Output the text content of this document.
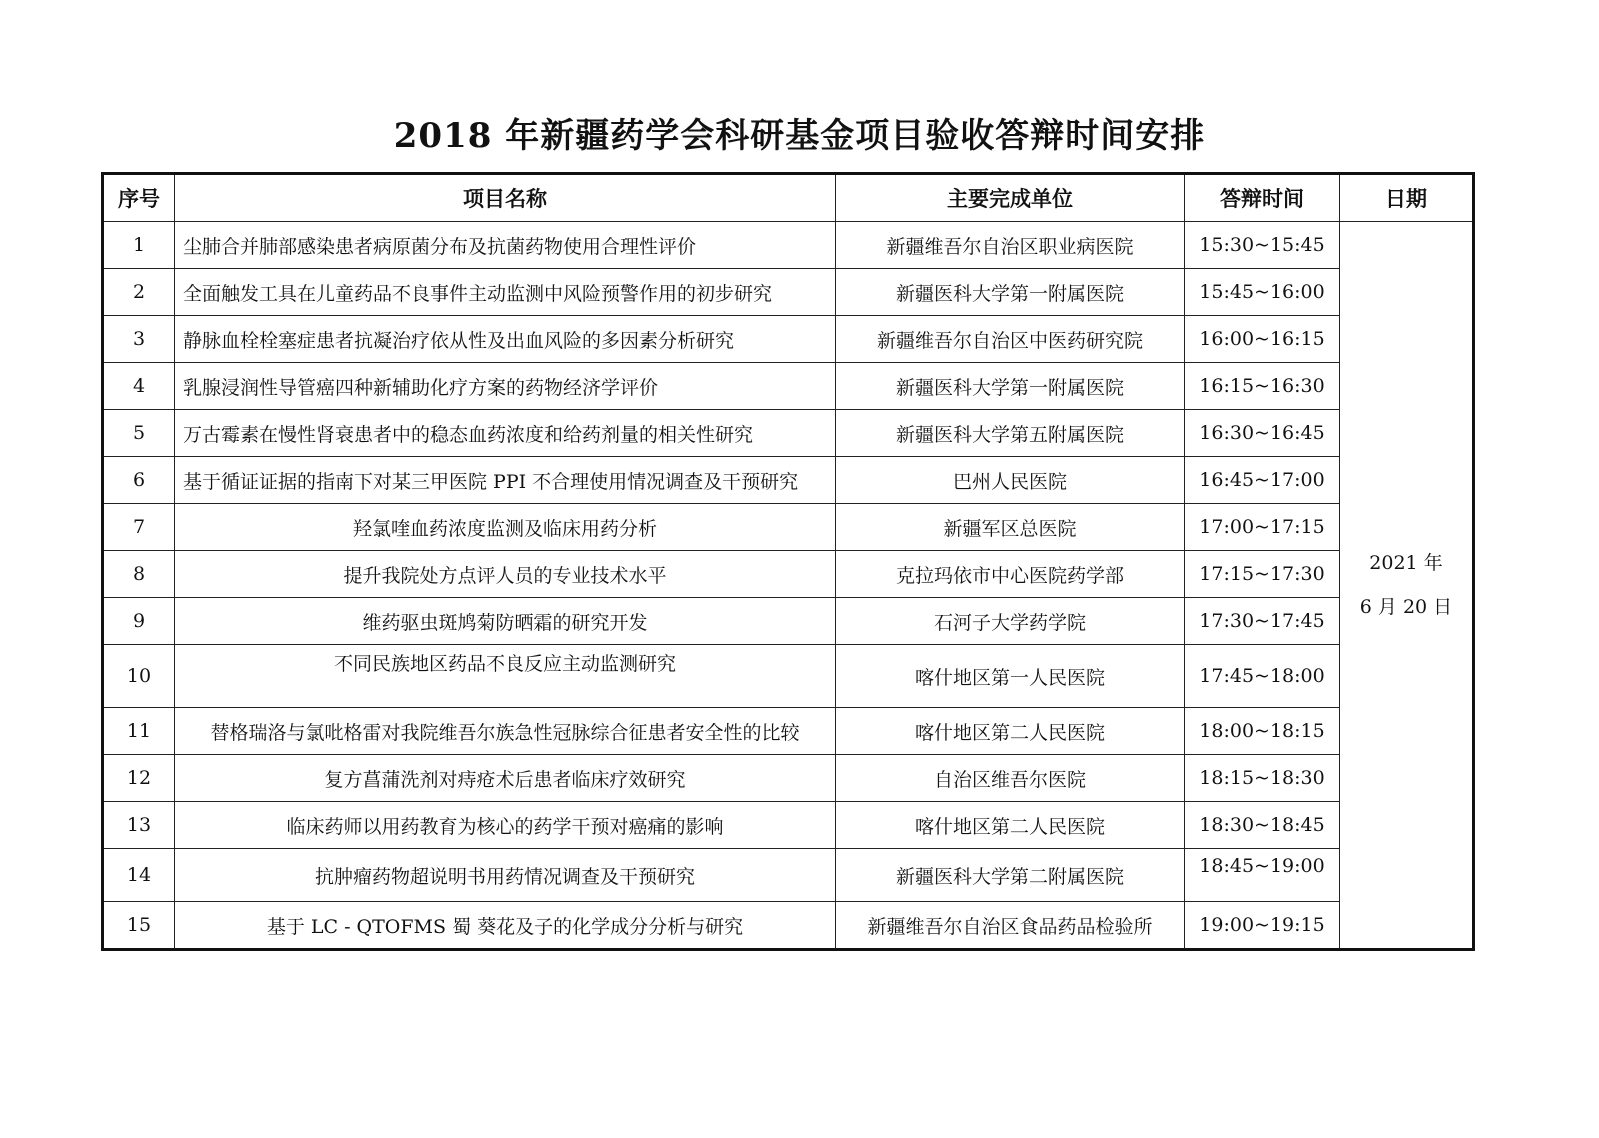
2018 年新疆药学会科研基金项目验收答辩时间安排
序号	项目名称	主要完成单位	答辩时间	日期
1	尘肺合并肺部感染患者病原菌分布及抗菌药物使用合理性评价	新疆维吾尔自治区职业病医院	15:30~15:45	2021 年
6 月 20 日

2	全面触发工具在儿童药品不良事件主动监测中风险预警作用的初步研究	新疆医科大学第一附属医院	15:45~16:00	
3	静脉血栓栓塞症患者抗凝治疗依从性及出血风险的多因素分析研究	新疆维吾尔自治区中医药研究院	16:00~16:15	
4	乳腺浸润性导管癌四种新辅助化疗方案的药物经济学评价	新疆医科大学第一附属医院	16:15~16:30	
5	万古霉素在慢性肾衰患者中的稳态血药浓度和给药剂量的相关性研究	新疆医科大学第五附属医院	16:30~16:45	
6	基于循证证据的指南下对某三甲医院 PPI 不合理使用情况调查及干预研究	巴州人民医院	16:45~17:00	
7	羟氯喹血药浓度监测及临床用药分析	新疆军区总医院	17:00~17:15	
8	提升我院处方点评人员的专业技术水平	克拉玛依市中心医院药学部	17:15~17:30	
9	维药驱虫斑鸠菊防晒霜的研究开发	石河子大学药学院	17:30~17:45	
10	不同民族地区药品不良反应主动监测研究	喀什地区第一人民医院	17:45~18:00	
11	替格瑞洛与氯吡格雷对我院维吾尔族急性冠脉综合征患者安全性的比较	喀什地区第二人民医院	18:00~18:15	
12	复方菖蒲洗剂对痔疮术后患者临床疗效研究	自治区维吾尔医院	18:15~18:30	
13	临床药师以用药教育为核心的药学干预对癌痛的影响	喀什地区第二人民医院	18:30~18:45	
14	抗肿瘤药物超说明书用药情况调查及干预研究	新疆医科大学第二附属医院	18:45~19:00	
15	基于 LC - QTOFMS 蜀 葵花及子的化学成分分析与研究	新疆维吾尔自治区食品药品检验所	19:00~19:15	
